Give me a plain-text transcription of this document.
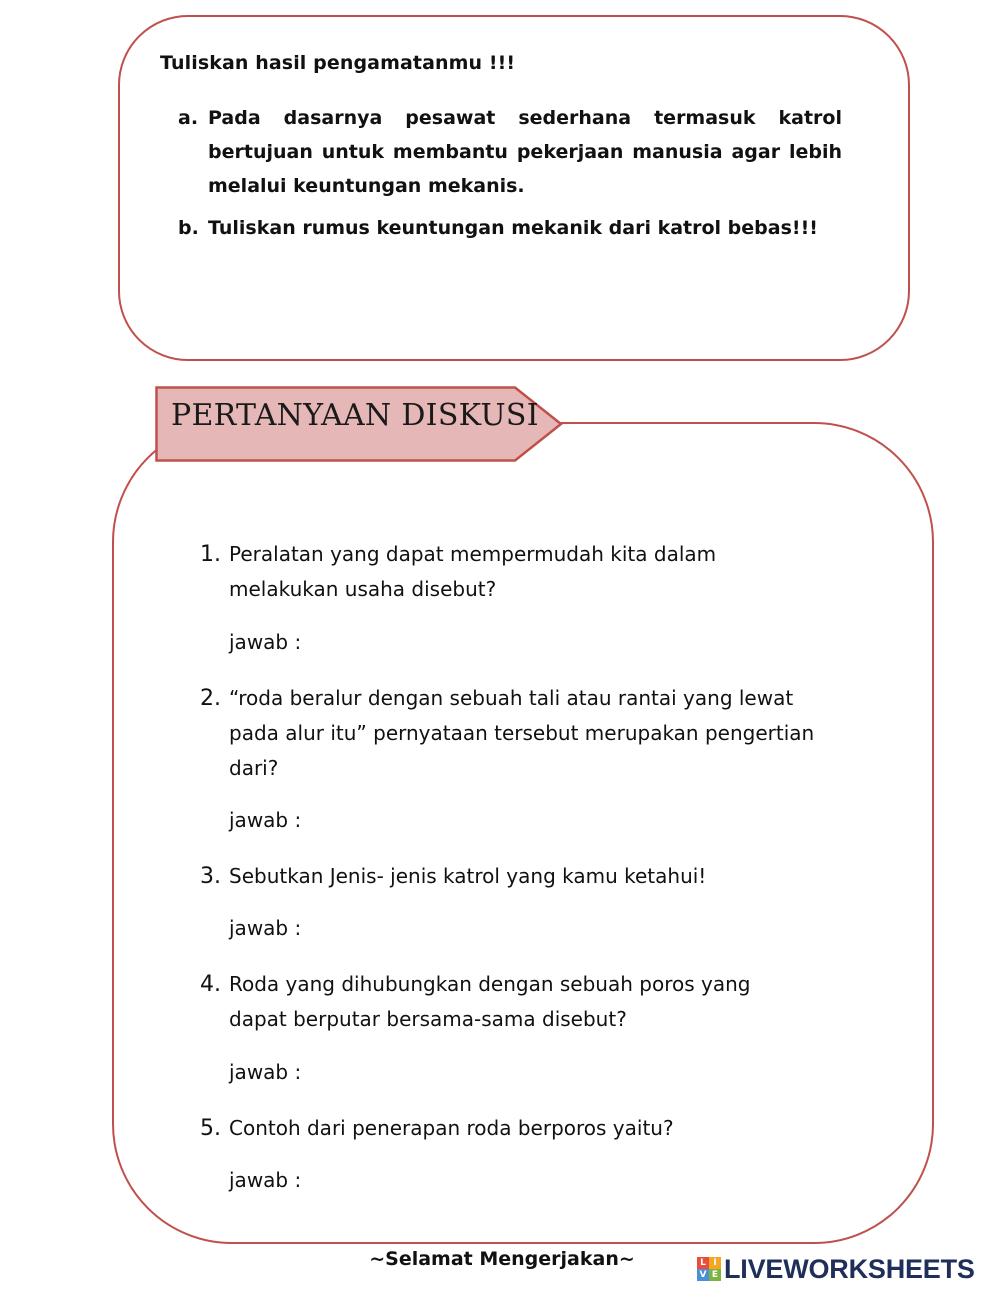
Tuliskan hasil pengamatanmu !!!
a. Pada dasarnya pesawat sederhana termasuk katrol bertujuan untuk membantu pekerjaan manusia agar lebih melalui keuntungan mekanis.
b. Tuliskan rumus keuntungan mekanik dari katrol bebas!!!
PERTANYAAN DISKUSI
1. Peralatan yang dapat mempermudah kita dalam melakukan usaha disebut?
jawab :
2. “roda beralur dengan sebuah tali atau rantai yang lewat pada alur itu” pernyataan tersebut merupakan pengertian dari?
jawab :
3. Sebutkan Jenis- jenis katrol yang kamu ketahui!
jawab :
4. Roda yang dihubungkan dengan sebuah poros yang dapat berputar bersama-sama disebut?
jawab :
5. Contoh dari penerapan roda berporos yaitu?
jawab :
~Selamat Mengerjakan~	L I
V E LIVEWORKSHEETS
